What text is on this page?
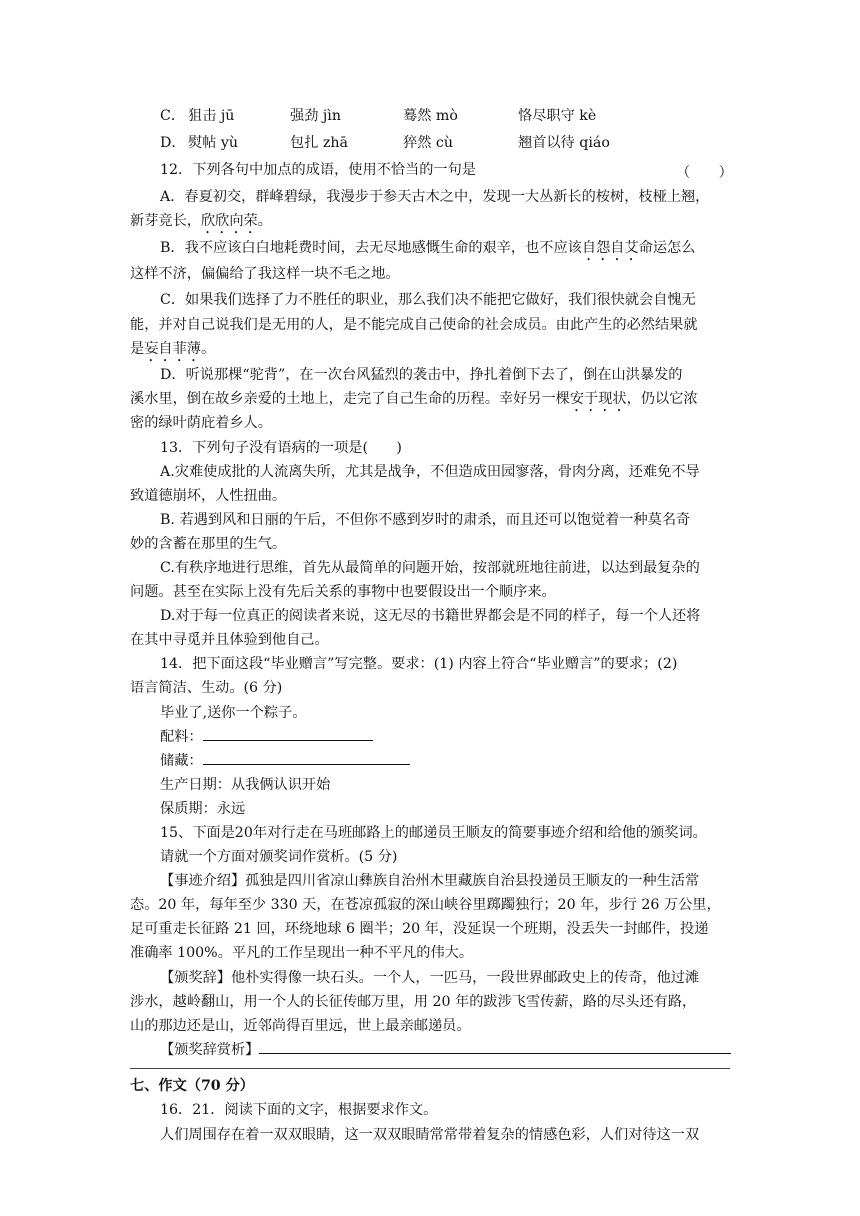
C． 狙击 jū	强劲 jìn	蓦然 mò	恪尽职守 kè
D． 熨帖 yù	包扎 zhā	猝然 cù	翘首以待 qiáo
12．下列各句中加点的成语，使用不恰当的一句是	（　　）
A．春夏初交，群峰碧绿，我漫步于参天古木之中，发现一大丛新长的桉树，枝桠上翘，
新芽竞长，欣欣向荣。
B．我不应该白白地耗费时间，去无尽地感慨生命的艰辛，也不应该自怨自艾命运怎么
这样不济，偏偏给了我这样一块不毛之地。
C．如果我们选择了力不胜任的职业，那么我们决不能把它做好，我们很快就会自愧无
能，并对自己说我们是无用的人，是不能完成自己使命的社会成员。由此产生的必然结果就
是妄自菲薄。
D．听说那棵“驼背”，在一次台风猛烈的袭击中，挣扎着倒下去了，倒在山洪暴发的
溪水里，倒在故乡亲爱的土地上，走完了自己生命的历程。幸好另一棵安于现状，仍以它浓
密的绿叶荫庇着乡人。
13．下列句子没有语病的一项是(　　)
A.灾难使成批的人流离失所，尤其是战争，不但造成田园寥落，骨肉分离，还难免不导
致道德崩坏，人性扭曲。
B. 若遇到风和日丽的午后，不但你不感到岁时的肃杀，而且还可以饱觉着一种莫名奇
妙的含蓄在那里的生气。
C.有秩序地进行思维，首先从最简单的问题开始，按部就班地往前进，以达到最复杂的
问题。甚至在实际上没有先后关系的事物中也要假设出一个顺序来。
D.对于每一位真正的阅读者来说，这无尽的书籍世界都会是不同的样子，每一个人还将
在其中寻觅并且体验到他自己。
14．把下面这段“毕业赠言”写完整。要求：(1) 内容上符合“毕业赠言”的要求；(2)
语言简洁、生动。(6 分)
毕业了,送你一个粽子。
配料：
储藏：
生产日期：从我俩认识开始
保质期：永远
15、下面是20年对行走在马班邮路上的邮递员王顺友的简要事迹介绍和给他的颁奖词。
请就一个方面对颁奖词作赏析。(5 分)
【事迹介绍】孤独是四川省凉山彝族自治州木里藏族自治县投递员王顺友的一种生活常
态。20 年，每年至少 330 天，在苍凉孤寂的深山峡谷里踯躅独行；20 年，步行 26 万公里，
足可重走长征路 21 回，环绕地球 6 圈半；20 年，没延误一个班期，没丢失一封邮件，投递
准确率 100%。平凡的工作呈现出一种不平凡的伟大。
【颁奖辞】他朴实得像一块石头。一个人，一匹马，一段世界邮政史上的传奇，他过滩
涉水，越岭翻山，用一个人的长征传邮万里，用 20 年的跋涉飞雪传薪，路的尽头还有路，
山的那边还是山，近邻尚得百里远，世上最亲邮递员。
【颁奖辞赏析】
七、作文（70 分）
16．21．阅读下面的文字，根据要求作文。
人们周围存在着一双双眼睛，这一双双眼睛常常带着复杂的情感色彩，人们对待这一双
